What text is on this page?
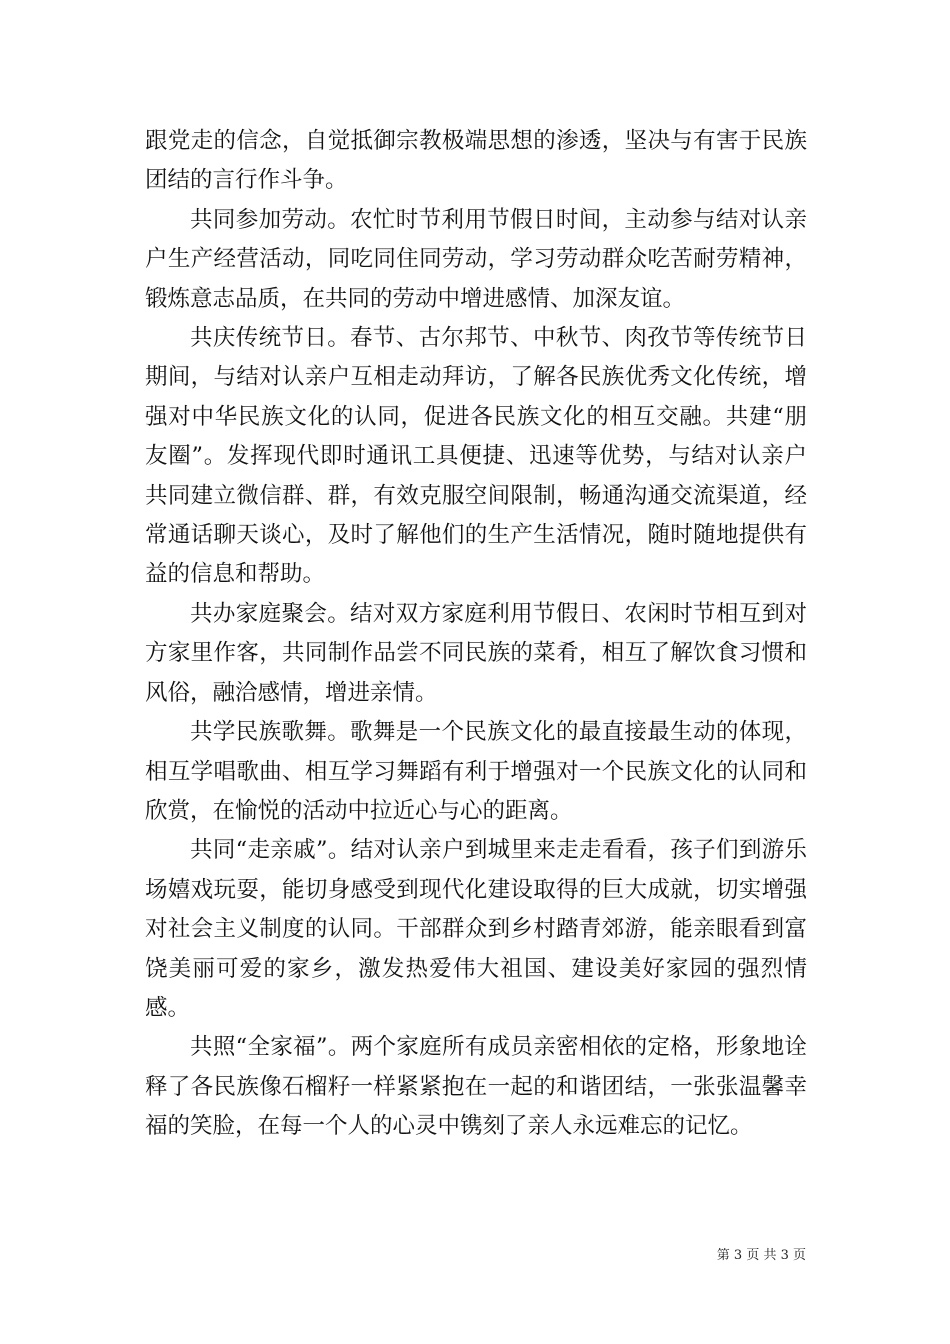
跟党走的信念，自觉抵御宗教极端思想的渗透，坚决与有害于民族团结的言行作斗争。

共同参加劳动。农忙时节利用节假日时间，主动参与结对认亲户生产经营活动，同吃同住同劳动，学习劳动群众吃苦耐劳精神，锻炼意志品质，在共同的劳动中增进感情、加深友谊。

共庆传统节日。春节、古尔邦节、中秋节、肉孜节等传统节日期间，与结对认亲户互相走动拜访，了解各民族优秀文化传统，增强对中华民族文化的认同，促进各民族文化的相互交融。共建“朋友圈”。发挥现代即时通讯工具便捷、迅速等优势，与结对认亲户共同建立微信群、群，有效克服空间限制，畅通沟通交流渠道，经常通话聊天谈心，及时了解他们的生产生活情况，随时随地提供有益的信息和帮助。

共办家庭聚会。结对双方家庭利用节假日、农闲时节相互到对方家里作客，共同制作品尝不同民族的菜肴，相互了解饮食习惯和风俗，融洽感情，增进亲情。

共学民族歌舞。歌舞是一个民族文化的最直接最生动的体现，相互学唱歌曲、相互学习舞蹈有利于增强对一个民族文化的认同和欣赏，在愉悦的活动中拉近心与心的距离。

共同“走亲戚”。结对认亲户到城里来走走看看，孩子们到游乐场嬉戏玩耍，能切身感受到现代化建设取得的巨大成就，切实增强对社会主义制度的认同。干部群众到乡村踏青郊游，能亲眼看到富饶美丽可爱的家乡，激发热爱伟大祖国、建设美好家园的强烈情感。

共照“全家福”。两个家庭所有成员亲密相依的定格，形象地诠释了各民族像石榴籽一样紧紧抱在一起的和谐团结，一张张温馨幸福的笑脸，在每一个人的心灵中镌刻了亲人永远难忘的记忆。

第 3 页 共 3 页
